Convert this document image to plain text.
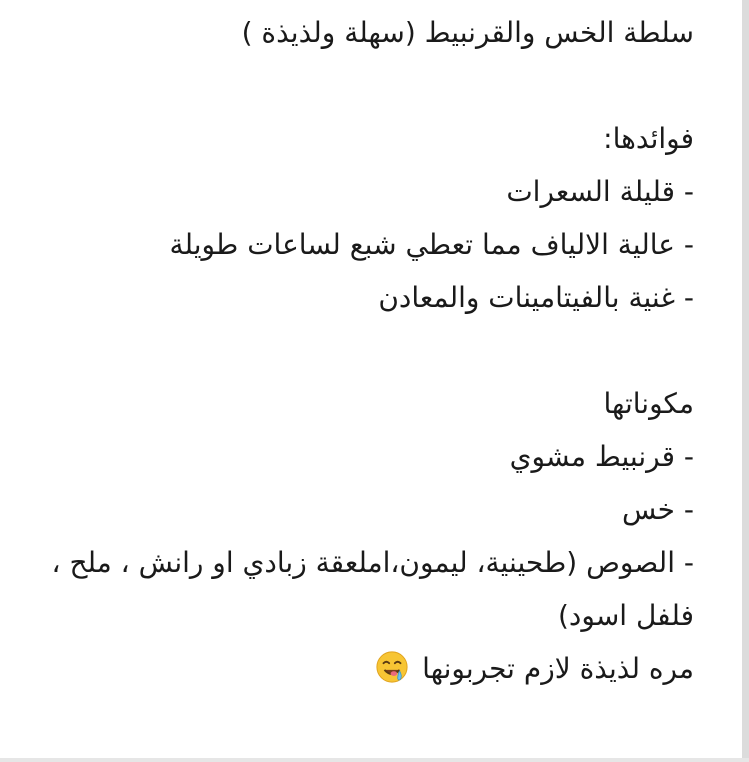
سلطة الخس والقرنبيط (سهلة ولذيذة )
فوائدها:
- قليلة السعرات
- عالية الالياف مما تعطي شبع لساعات طويلة
- غنية بالفيتامينات والمعادن
مكوناتها
- قرنبيط مشوي
- خس
- الصوص (طحينية، ليمون،املعقة زبادي او رانش ، ملح ، فلفل اسود)
مره لذيذة لازم تجربونها
